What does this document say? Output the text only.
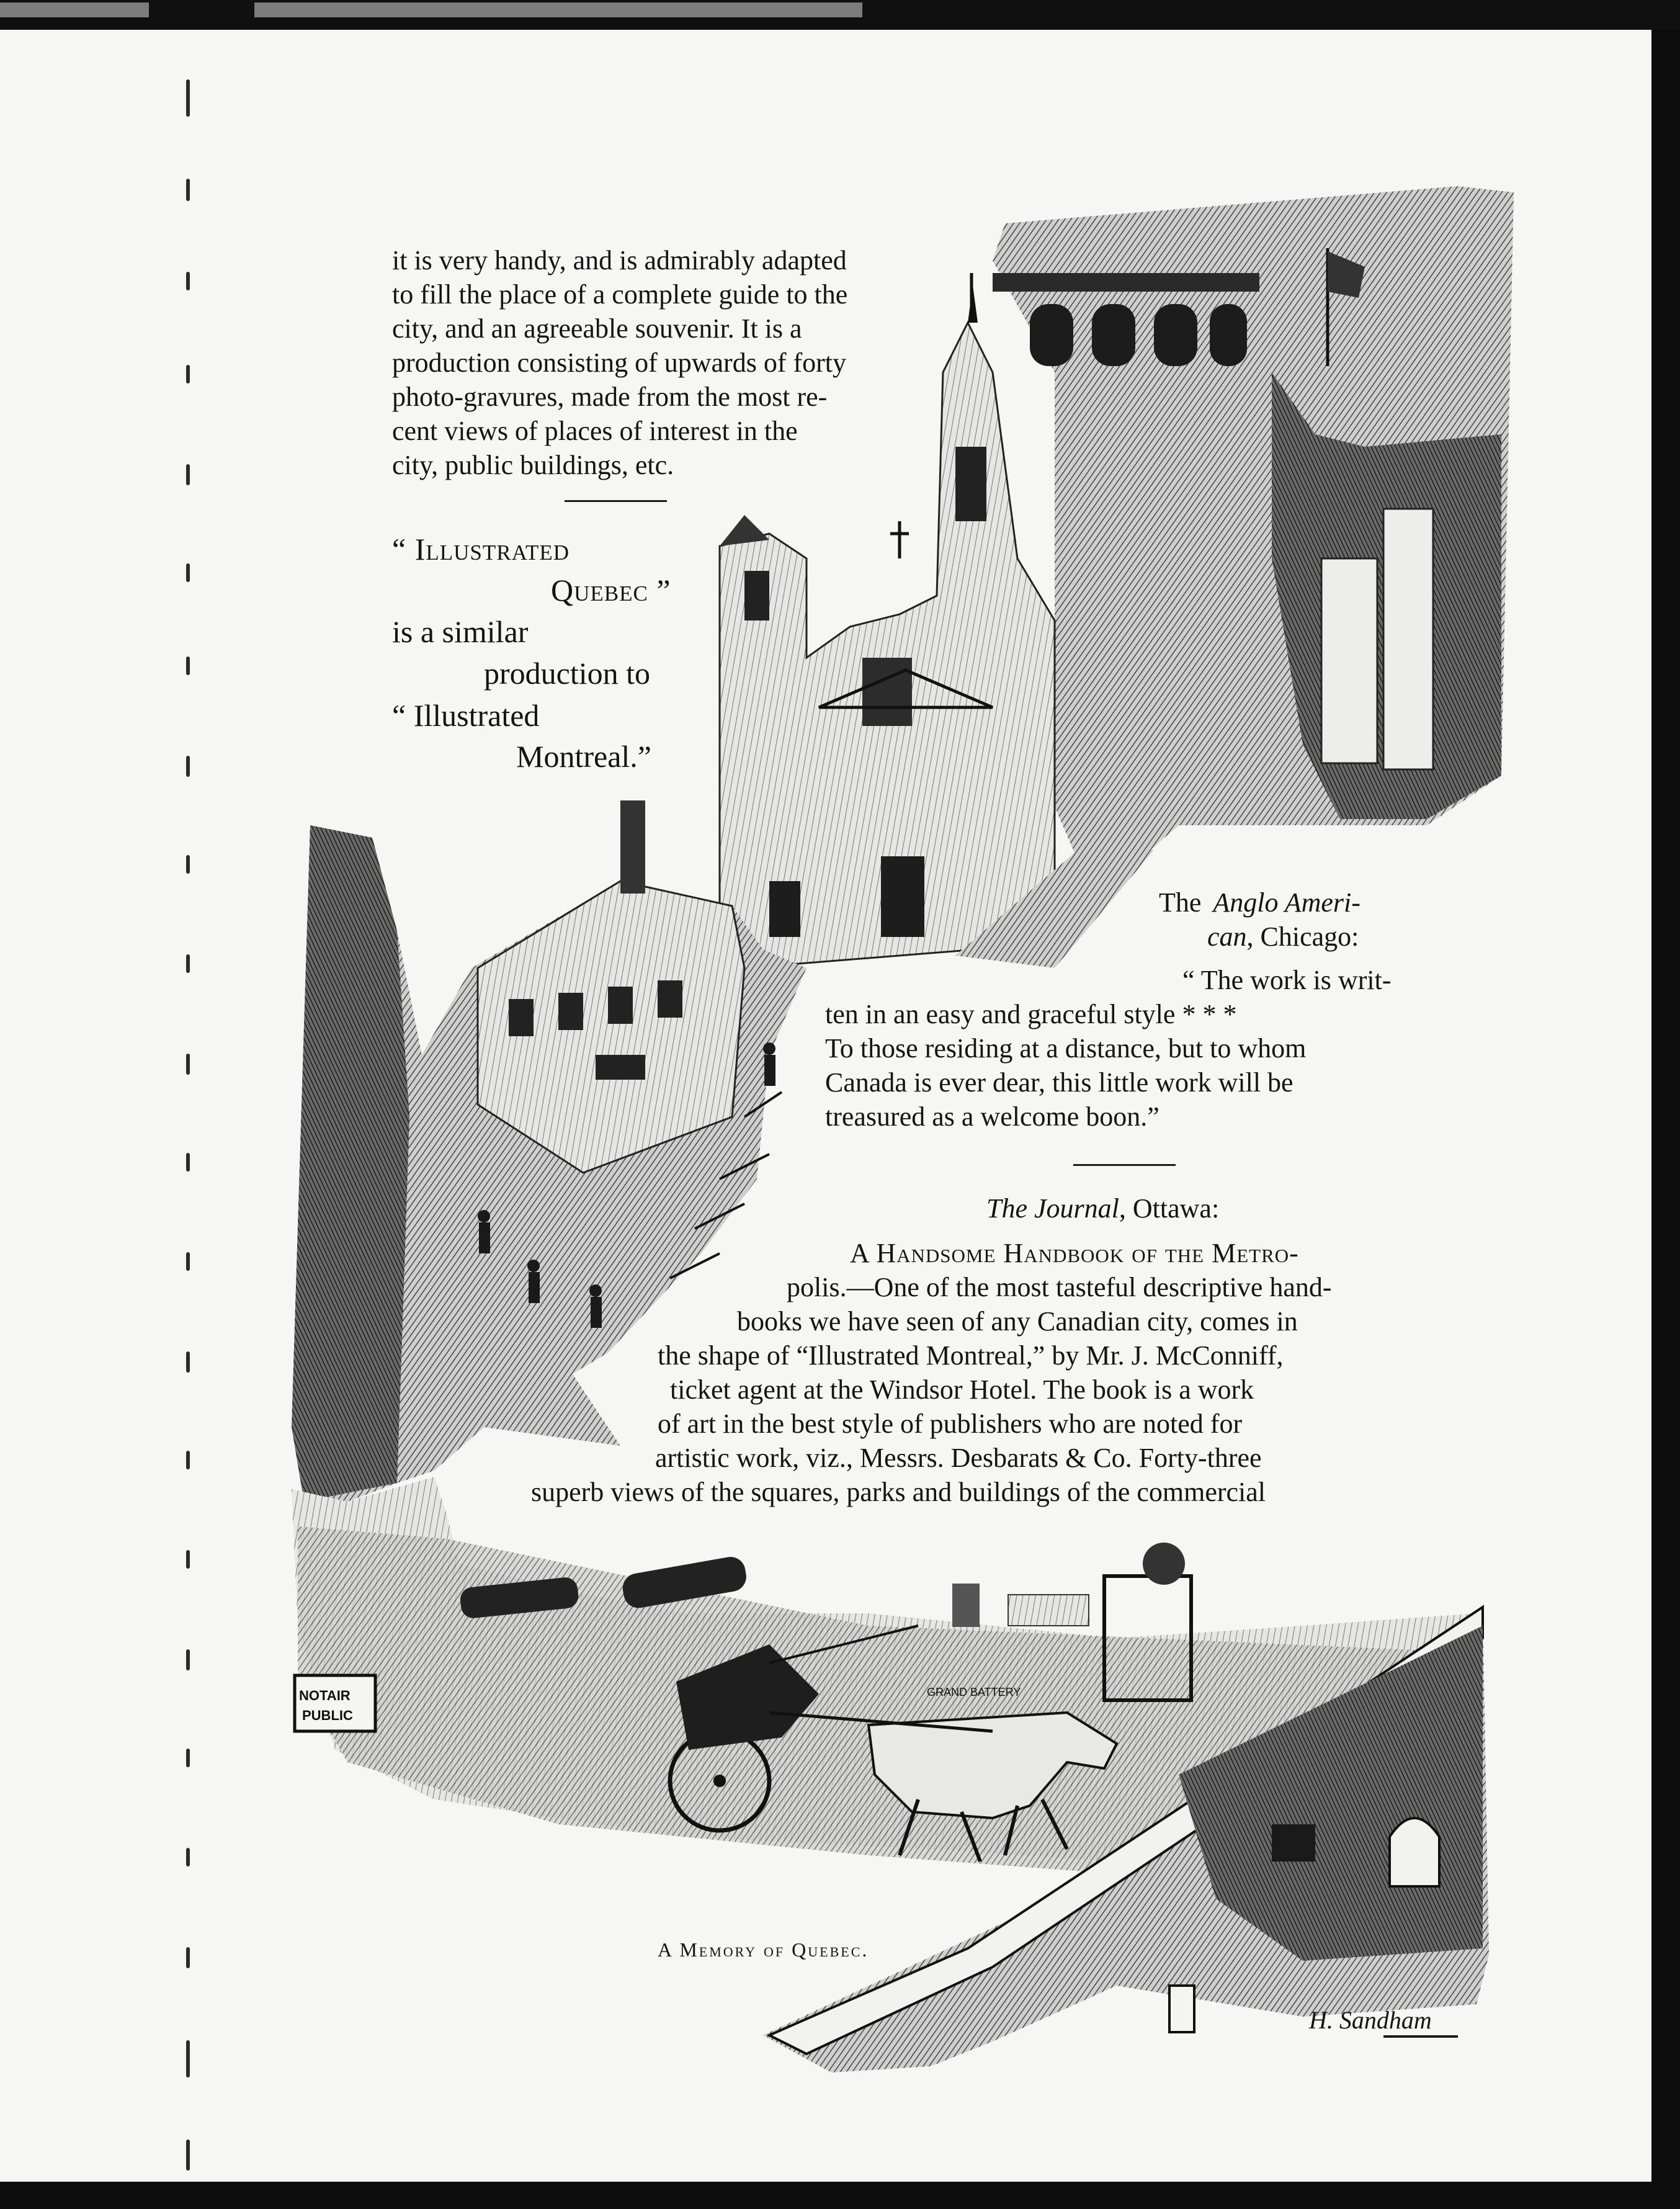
NOTAIR
PUBLIC
GRAND BATTERY
it is very handy, and is admirably adapted
to fill the place of a complete guide to the
city, and an agreeable souvenir. It is a
production consisting of upwards of forty
photo-gravures, made from the most re-
cent views of places of interest in the
city, public buildings, etc.
“ Illustrated
Quebec ”
is a similar
production to
“ Illustrated
Montreal.”
The Anglo Ameri-
can, Chicago:
“ The work is writ-
ten in an easy and graceful style * * *
To those residing at a distance, but to whom
Canada is ever dear, this little work will be
treasured as a welcome boon.”
The Journal, Ottawa:
A Handsome Handbook of the Metro-
polis.—One of the most tasteful descriptive hand-
books we have seen of any Canadian city, comes in
the shape of “Illustrated Montreal,” by Mr. J. McConniff,
ticket agent at the Windsor Hotel. The book is a work
of art in the best style of publishers who are noted for
artistic work, viz., Messrs. Desbarats & Co. Forty-three
superb views of the squares, parks and buildings of the commercial
A Memory of Quebec.
H. Sandham
